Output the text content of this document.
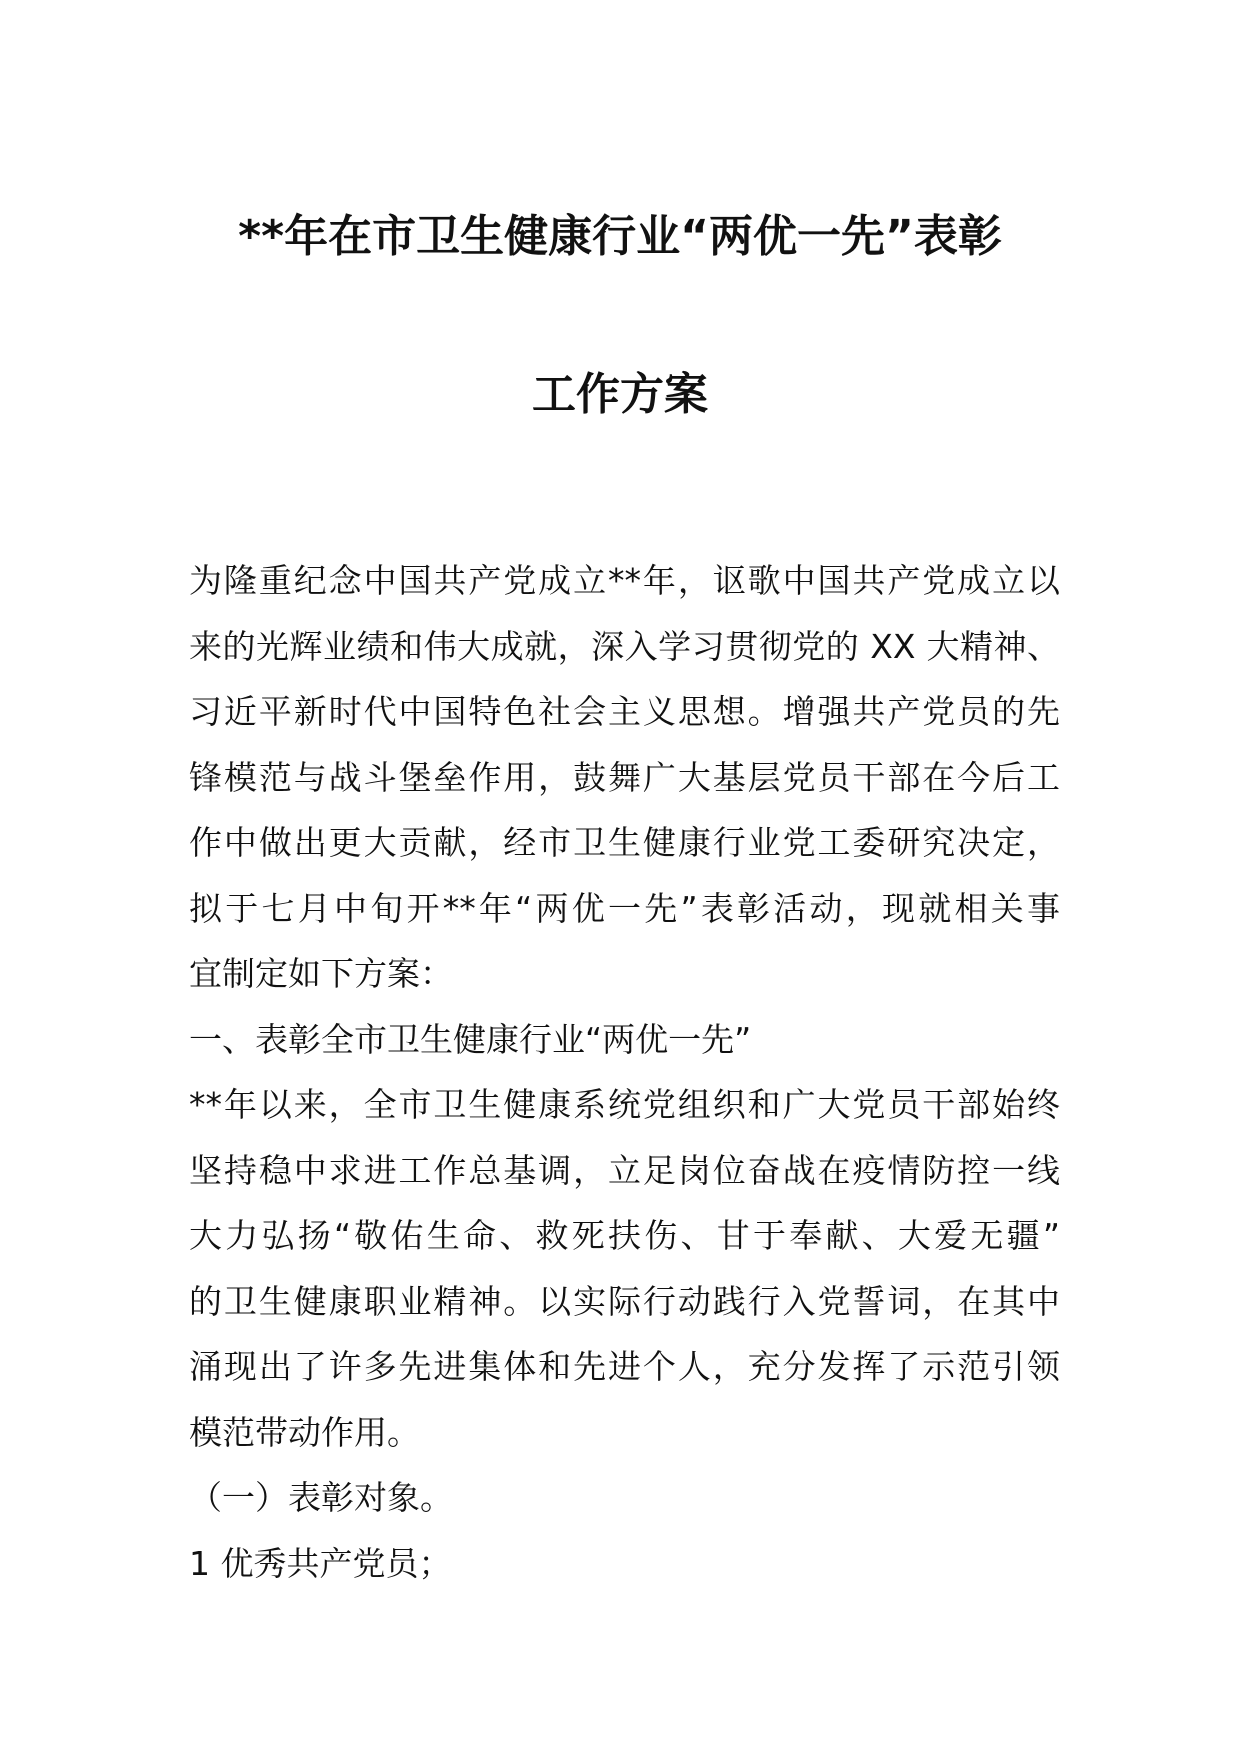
**年在市卫生健康行业“两优一先”表彰
工作方案
为隆重纪念中国共产党成立**年，讴歌中国共产党成立以
来的光辉业绩和伟大成就，深入学习贯彻党的 XX 大精神、
习近平新时代中国特色社会主义思想。增强共产党员的先
锋模范与战斗堡垒作用，鼓舞广大基层党员干部在今后工
作中做出更大贡献，经市卫生健康行业党工委研究决定，
拟于七月中旬开**年“两优一先”表彰活动，现就相关事
宜制定如下方案：
一、表彰全市卫生健康行业“两优一先”
**年以来，全市卫生健康系统党组织和广大党员干部始终
坚持稳中求进工作总基调，立足岗位奋战在疫情防控一线
大力弘扬“敬佑生命、救死扶伤、甘于奉献、大爱无疆”
的卫生健康职业精神。以实际行动践行入党誓词，在其中
涌现出了许多先进集体和先进个人，充分发挥了示范引领
模范带动作用。
（一）表彰对象。
1 优秀共产党员；
